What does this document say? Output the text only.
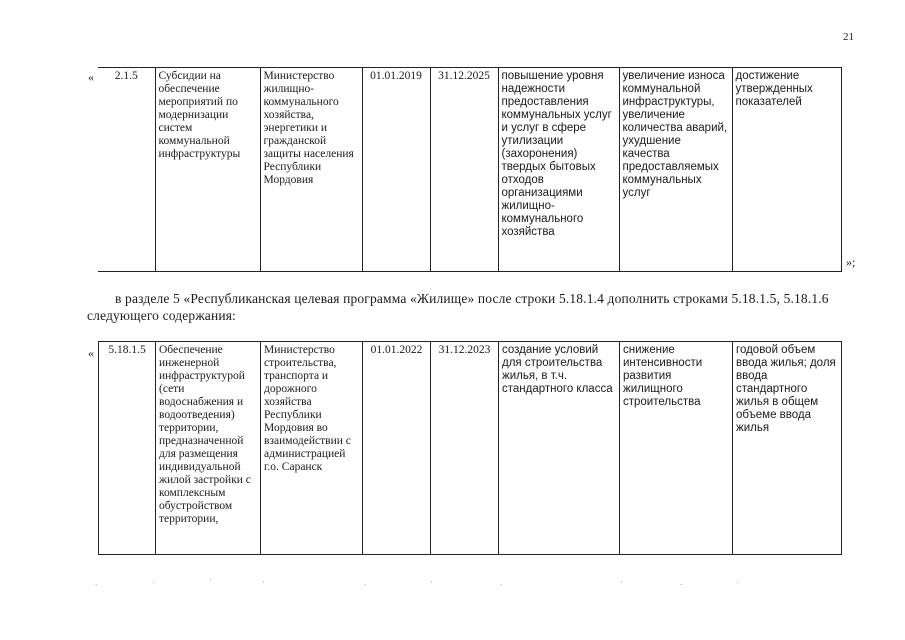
21
« 2.1.5	Субсидии на обеспечение мероприятий по модернизации систем коммунальной инфраструктуры	Министерство жилищно-коммунального хозяйства, энергетики и гражданской защиты населения Республики Мордовия	01.01.2019	31.12.2025	повышение уровня надежности предоставления коммунальных услуг и услуг в сфере утилизации (захоронения) твердых бытовых отходов организациями жилищно-коммунального хозяйства	увеличение износа коммунальной инфраструктуры, увеличение количества аварий, ухудшение качества предоставляемых коммунальных услуг	достижение утвержденных показателей
»;
в разделе 5 «Республиканская целевая программа «Жилище» после строки 5.18.1.4 дополнить строками 5.18.1.5, 5.18.1.6 следующего содержания:
« 5.18.1.5	Обеспечение инженерной инфраструктурой (сети водоснабжения и водоотведения) территории, предназначенной для размещения индивидуальной жилой застройки с комплексным обустройством территории,	Министерство строительства, транспорта и дорожного хозяйства Республики Мордовия во взаимодействии с администрацией г.о. Саранск	01.01.2022	31.12.2023	создание условий для строительства жилья, в т.ч. стандартного класса	снижение интенсивности развития жилищного строительства	годовой объем ввода жилья; доля ввода стандартного жилья в общем объеме ввода жилья
.	·	'	·	.	·	.	·	.	·
